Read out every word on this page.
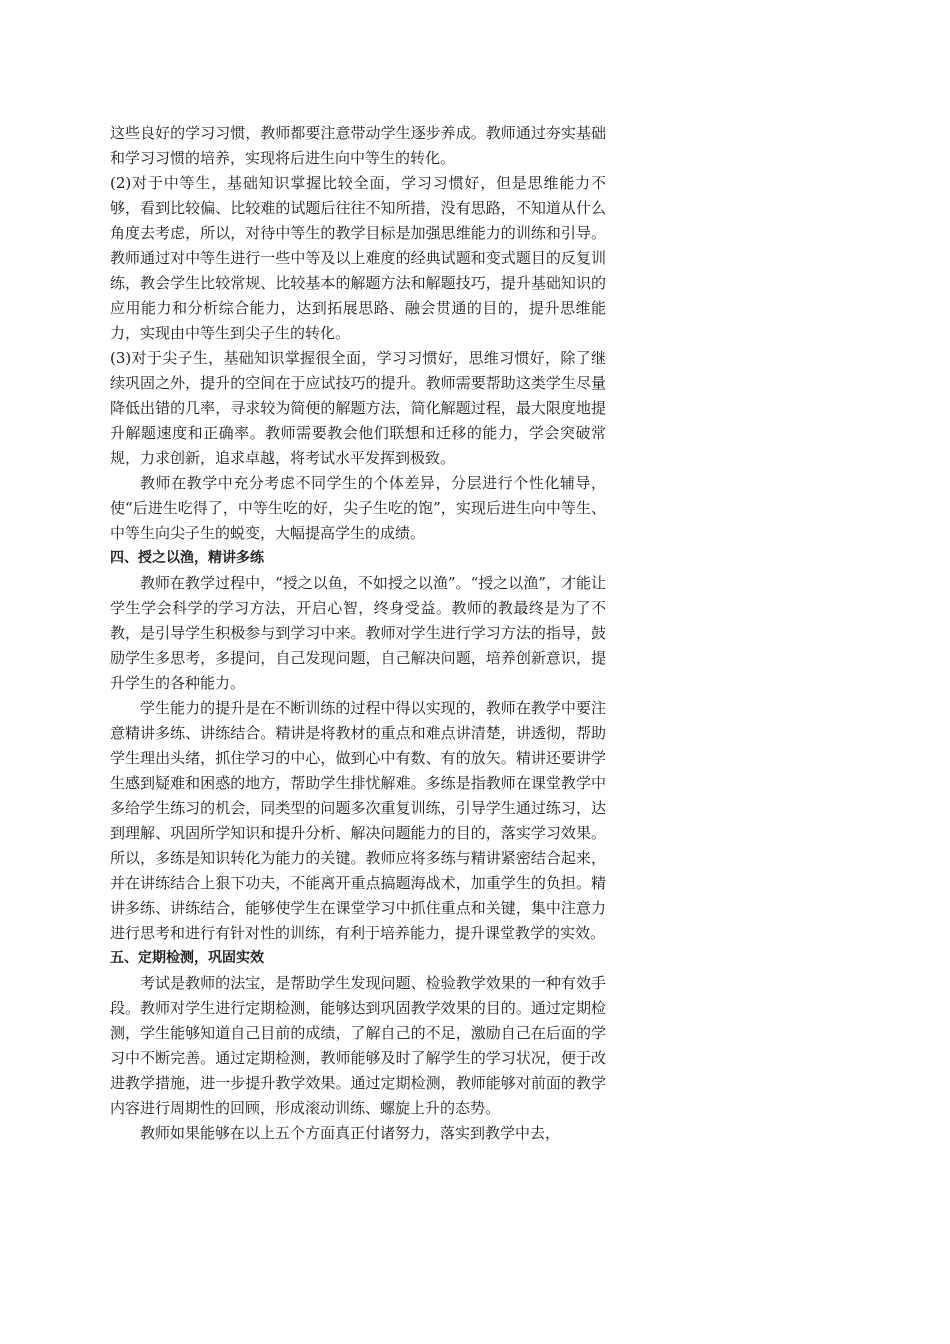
这些良好的学习习惯，教师都要注意带动学生逐步养成。教师通过夯实基础和学习习惯的培养，实现将后进生向中等生的转化。

(2)对于中等生，基础知识掌握比较全面，学习习惯好，但是思维能力不够，看到比较偏、比较难的试题后往往不知所措，没有思路，不知道从什么角度去考虑，所以，对待中等生的教学目标是加强思维能力的训练和引导。教师通过对中等生进行一些中等及以上难度的经典试题和变式题目的反复训练，教会学生比较常规、比较基本的解题方法和解题技巧，提升基础知识的应用能力和分析综合能力，达到拓展思路、融会贯通的目的，提升思维能力，实现由中等生到尖子生的转化。

(3)对于尖子生，基础知识掌握很全面，学习习惯好，思维习惯好，除了继续巩固之外，提升的空间在于应试技巧的提升。教师需要帮助这类学生尽量降低出错的几率，寻求较为简便的解题方法，简化解题过程，最大限度地提升解题速度和正确率。教师需要教会他们联想和迁移的能力，学会突破常规，力求创新，追求卓越，将考试水平发挥到极致。

教师在教学中充分考虑不同学生的个体差异，分层进行个性化辅导，使“后进生吃得了，中等生吃的好，尖子生吃的饱”，实现后进生向中等生、中等生向尖子生的蜕变，大幅提高学生的成绩。

四、授之以渔，精讲多练

教师在教学过程中，“授之以鱼，不如授之以渔”。“授之以渔”，才能让学生学会科学的学习方法，开启心智，终身受益。教师的教最终是为了不教，是引导学生积极参与到学习中来。教师对学生进行学习方法的指导，鼓励学生多思考，多提问，自己发现问题，自己解决问题，培养创新意识，提升学生的各种能力。

学生能力的提升是在不断训练的过程中得以实现的，教师在教学中要注意精讲多练、讲练结合。精讲是将教材的重点和难点讲清楚，讲透彻，帮助学生理出头绪，抓住学习的中心，做到心中有数、有的放矢。精讲还要讲学生感到疑难和困惑的地方，帮助学生排忧解难。多练是指教师在课堂教学中多给学生练习的机会，同类型的问题多次重复训练，引导学生通过练习，达到理解、巩固所学知识和提升分析、解决问题能力的目的，落实学习效果。所以，多练是知识转化为能力的关键。教师应将多练与精讲紧密结合起来，并在讲练结合上狠下功夫，不能离开重点搞题海战术，加重学生的负担。精讲多练、讲练结合，能够使学生在课堂学习中抓住重点和关键，集中注意力进行思考和进行有针对性的训练，有利于培养能力，提升课堂教学的实效。

五、定期检测，巩固实效

考试是教师的法宝，是帮助学生发现问题、检验教学效果的一种有效手段。教师对学生进行定期检测，能够达到巩固教学效果的目的。通过定期检测，学生能够知道自己目前的成绩，了解自己的不足，激励自己在后面的学习中不断完善。通过定期检测，教师能够及时了解学生的学习状况，便于改进教学措施，进一步提升教学效果。通过定期检测，教师能够对前面的教学内容进行周期性的回顾，形成滚动训练、螺旋上升的态势。

教师如果能够在以上五个方面真正付诸努力，落实到教学中去，
